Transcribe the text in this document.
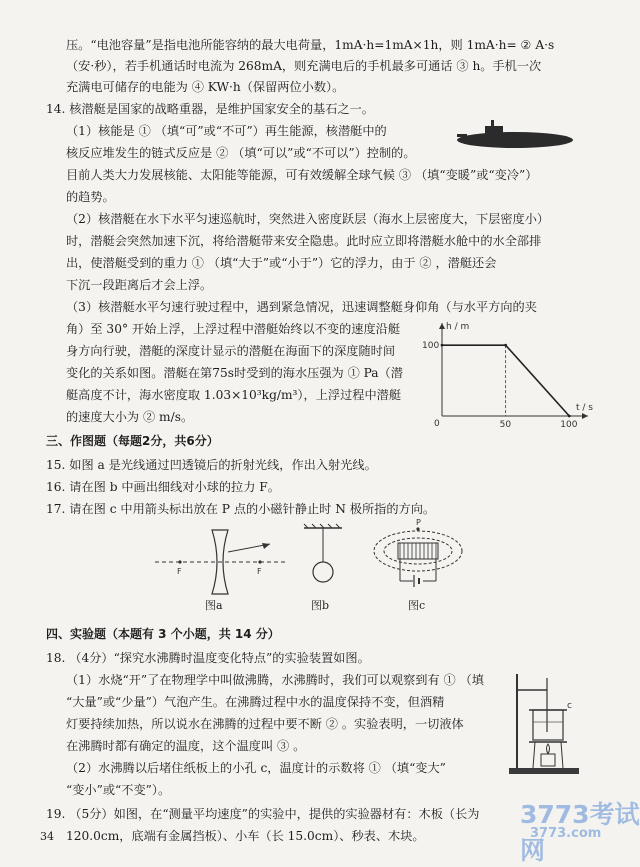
压。“电池容量”是指电池所能容纳的最大电荷量，1mA·h=1mA×1h，则 1mA·h= ② A·s
（安·秒），若手机通话时电流为 268mA，则充满电后的手机最多可通话 ③ h。手机一次
充满电可储存的电能为 ④ KW·h（保留两位小数）。
14. 核潜艇是国家的战略重器，是维护国家安全的基石之一。
（1）核能是 ① （填“可”或“不可”）再生能源，核潜艇中的
核反应堆发生的链式反应是 ② （填“可以”或“不可以”）控制的。
目前人类大力发展核能、太阳能等能源，可有效缓解全球气候 ③ （填“变暖”或“变冷”）
的趋势。
（2）核潜艇在水下水平匀速巡航时，突然进入密度跃层（海水上层密度大，下层密度小）
时，潜艇会突然加速下沉，将给潜艇带来安全隐患。此时应立即将潜艇水舱中的水全部排
出，使潜艇受到的重力 ① （填“大于”或“小于”）它的浮力，由于 ② ，潜艇还会
下沉一段距离后才会上浮。
（3）核潜艇水平匀速行驶过程中，遇到紧急情况，迅速调整艇身仰角（与水平方向的夹
角）至 30° 开始上浮，上浮过程中潜艇始终以不变的速度沿艇
身方向行驶，潜艇的深度计显示的潜艇在海面下的深度随时间
变化的关系如图。潜艇在第75s时受到的海水压强为 ① Pa（潜
艇高度不计，海水密度取 1.03×10³kg/m³），上浮过程中潜艇
的速度大小为 ② m/s。
三、作图题（每题2分，共6分）
15. 如图 a 是光线通过凹透镜后的折射光线，作出入射光线。
16. 请在图 b 中画出细线对小球的拉力 F。
17. 请在图 c 中用箭头标出放在 P 点的小磁针静止时 N 极所指的方向。
四、实验题（本题有 3 个小题，共 14 分）
18. （4分）“探究水沸腾时温度变化特点”的实验装置如图。
（1）水烧“开”了在物理学中叫做沸腾，水沸腾时，我们可以观察到有 ① （填
“大量”或“少量”）气泡产生。在沸腾过程中水的温度保持不变，但酒精
灯要持续加热，所以说水在沸腾的过程中要不断 ② 。实验表明，一切液体
在沸腾时都有确定的温度，这个温度叫 ③ 。
（2）水沸腾以后堵住纸板上的小孔 c，温度计的示数将 ① （填“变大”
“变小”或“不变”）。
19. （5分）如图，在“测量平均速度”的实验中，提供的实验器材有：木板（长为
120.0cm，底端有金属挡板）、小车（长 15.0cm）、秒表、木块。
h / m
t / s
100
0	50	100
F	F
图a	图b
P
图c
c
34
3773考试网
3773.com
